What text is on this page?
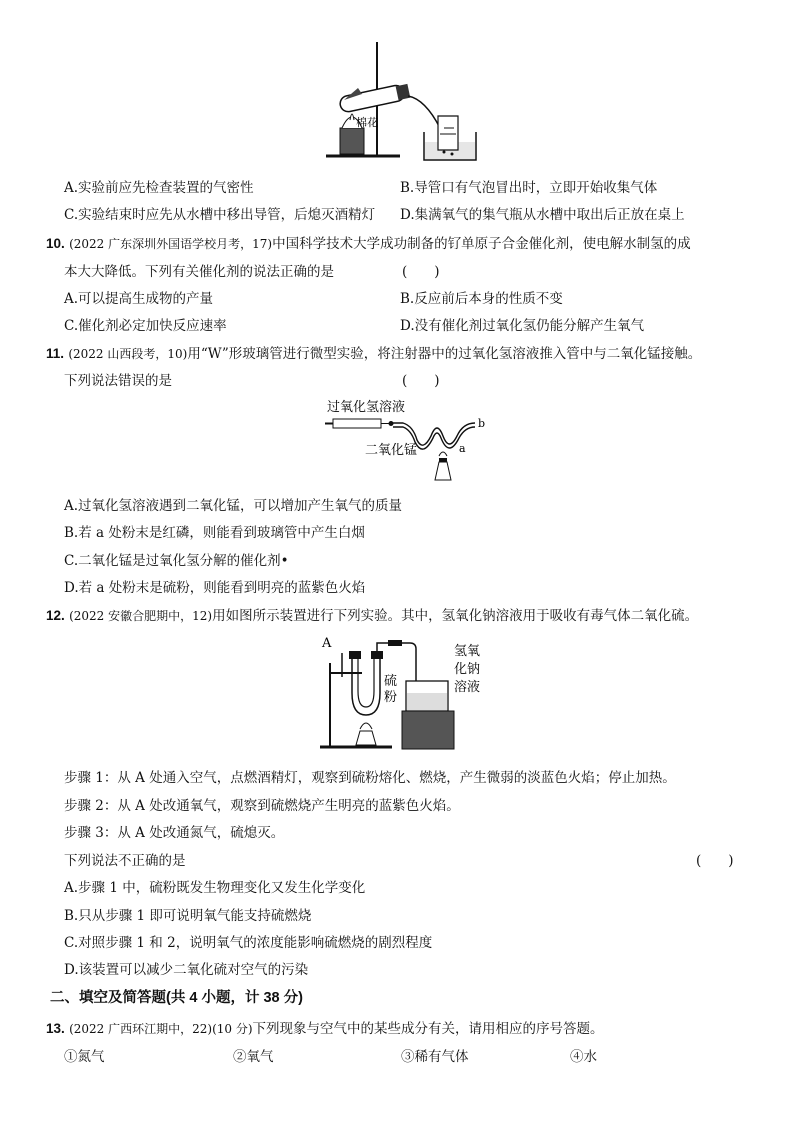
棉花
A.实验前应先检查装置的气密性	B.导管口有气泡冒出时，立即开始收集气体
C.实验结束时应先从水槽中移出导管，后熄灭酒精灯 D.集满氧气的集气瓶从水槽中取出后正放在桌上
10. (2022 广东深圳外国语学校月考，17)中国科学技术大学成功制备的钌单原子合金催化剂，使电解水制氢的成
本大大降低。下列有关催化剂的说法正确的是	(　　)
A.可以提高生成物的产量	B.反应前后本身的性质不变
C.催化剂必定加快反应速率	D.没有催化剂过氧化氢仍能分解产生氧气
11. (2022 山西段考，10)用“W”形玻璃管进行微型实验，将注射器中的过氧化氢溶液推入管中与二氧化锰接触。
下列说法错误的是	(　　)
过氧化氢溶液
b
a
二氧化锰
A.过氧化氢溶液遇到二氧化锰，可以增加产生氧气的质量
B.若 a 处粉末是红磷，则能看到玻璃管中产生白烟
C.二氧化锰是过氧化氢分解的催化剂•
D.若 a 处粉末是硫粉，则能看到明亮的蓝紫色火焰
12. (2022 安徽合肥期中，12)用如图所示装置进行下列实验。其中，氢氧化钠溶液用于吸收有毒气体二氧化硫。
A
硫
粉
氢氧
化钠
溶液
步骤 1：从 A 处通入空气，点燃酒精灯，观察到硫粉熔化、燃烧，产生微弱的淡蓝色火焰；停止加热。
步骤 2：从 A 处改通氧气，观察到硫燃烧产生明亮的蓝紫色火焰。
步骤 3：从 A 处改通氮气，硫熄灭。
下列说法不正确的是	(　　)
A.步骤 1 中，硫粉既发生物理变化又发生化学变化
B.只从步骤 1 即可说明氧气能支持硫燃烧
C.对照步骤 1 和 2，说明氧气的浓度能影响硫燃烧的剧烈程度
D.该装置可以减少二氧化硫对空气的污染
二、填空及简答题(共 4 小题，计 38 分)
13. (2022 广西环江期中，22)(10 分)下列现象与空气中的某些成分有关，请用相应的序号答题。
①氮气	②氧气	③稀有气体	④水
